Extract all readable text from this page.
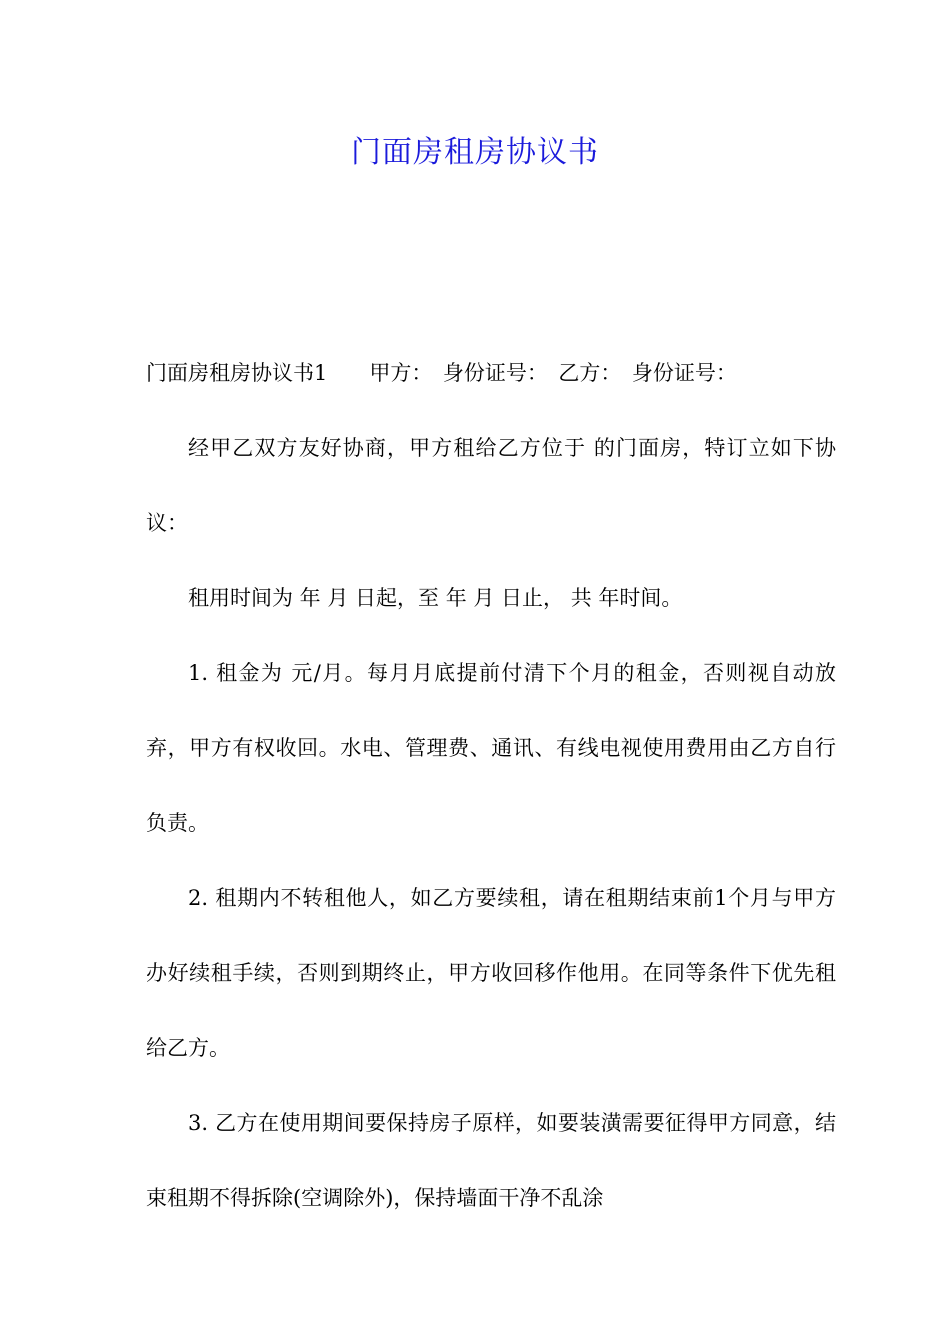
门面房租房协议书

门面房租房协议书1　　甲方：　身份证号：　乙方：　身份证号：

经甲乙双方友好协商，甲方租给乙方位于 的门面房，特订立如下协议：

租用时间为 年 月 日起，至 年 月 日止， 共 年时间。

1. 租金为 元/月。每月月底提前付清下个月的租金，否则视自动放弃，甲方有权收回。水电、管理费、通讯、有线电视使用费用由乙方自行负责。

2. 租期内不转租他人，如乙方要续租，请在租期结束前1个月与甲方办好续租手续，否则到期终止，甲方收回移作他用。在同等条件下优先租给乙方。

3. 乙方在使用期间要保持房子原样，如要装潢需要征得甲方同意，结束租期不得拆除(空调除外)，保持墙面干净不乱涂
